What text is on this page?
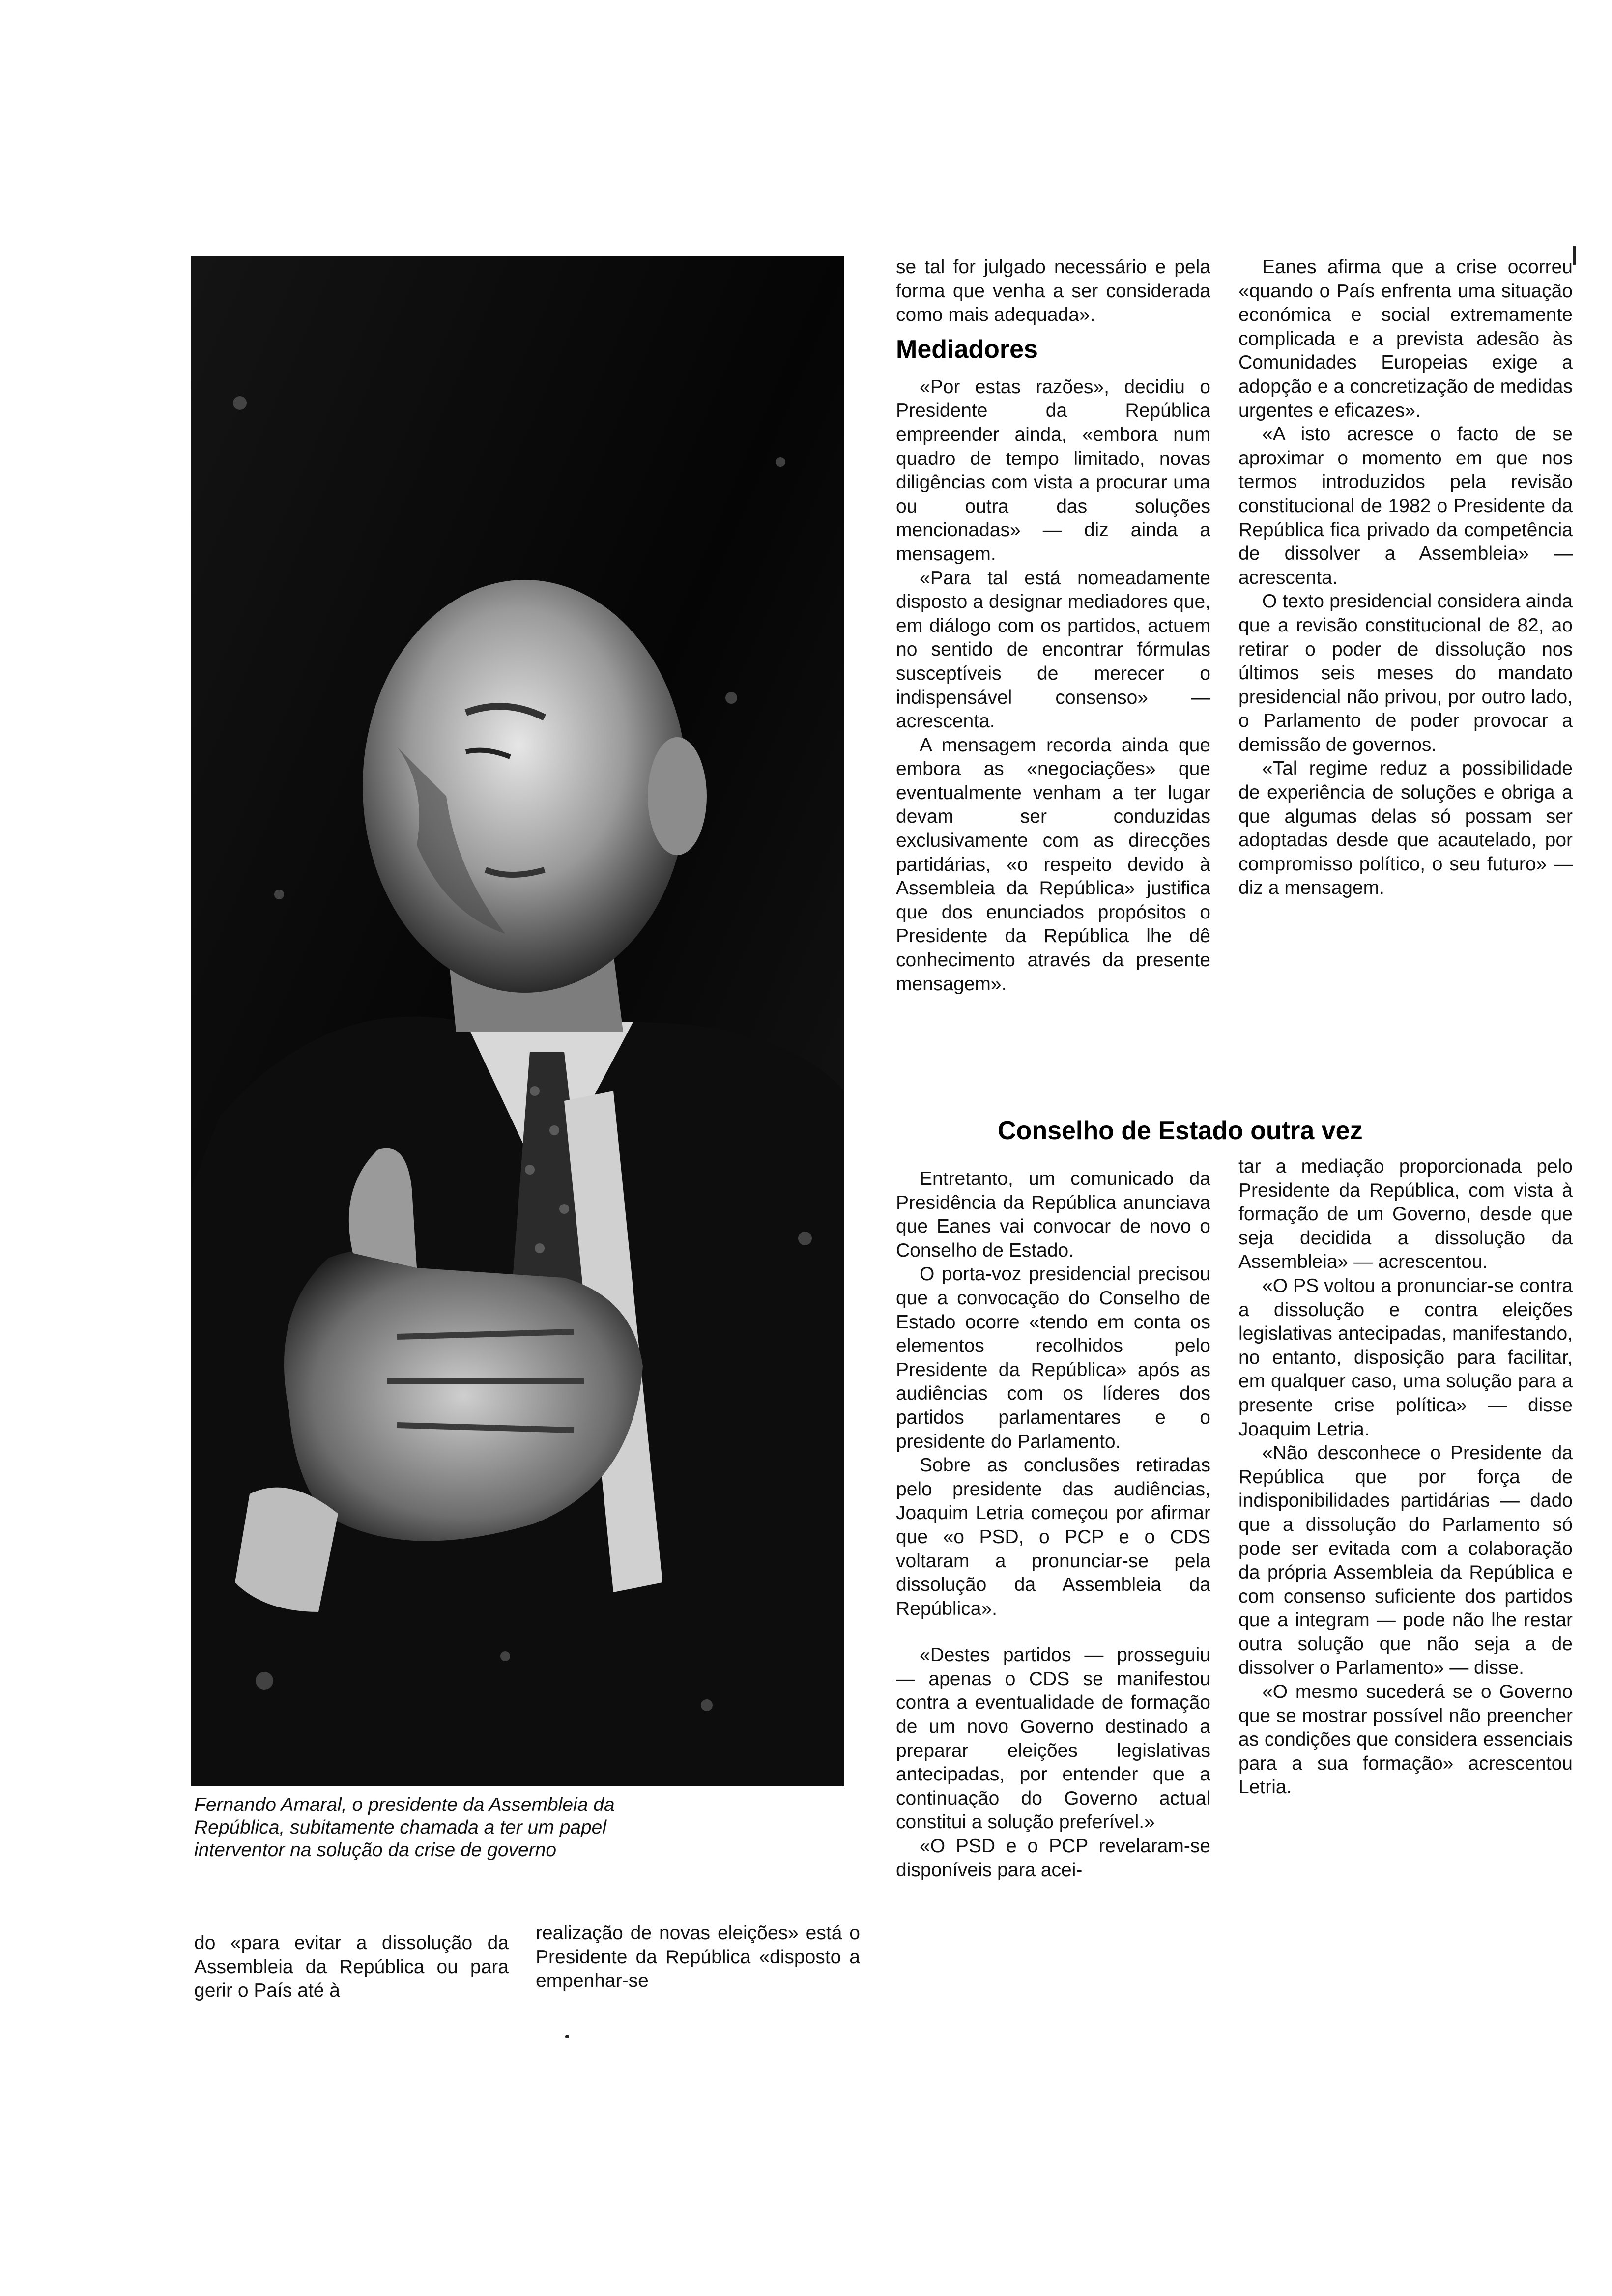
Fernando Amaral, o presidente da Assembleia da
República, subitamente chamada a ter um papel
interventor na solução da crise de governo

se tal for julgado necessário e pela forma que venha a ser considerada como mais adequada».

Mediadores

«Por estas razões», decidiu o Presidente da República empreender ainda, «embora num quadro de tempo limitado, novas diligências com vista a procurar uma ou outra das soluções mencionadas» — diz ainda a mensagem.

«Para tal está nomeadamente disposto a designar mediadores que, em diálogo com os partidos, actuem no sentido de encontrar fórmulas susceptíveis de merecer o indispensável consenso» — acrescenta.

A mensagem recorda ainda que embora as «negociações» que eventualmente venham a ter lugar devam ser conduzidas exclusivamente com as direcções partidárias, «o respeito devido à Assembleia da República» justifica que dos enunciados propósitos o Presidente da República lhe dê conhecimento através da presente mensagem».

Eanes afirma que a crise ocorreu «quando o País enfrenta uma situação económica e social extremamente complicada e a prevista adesão às Comunidades Europeias exige a adopção e a concretização de medidas urgentes e eficazes».

«A isto acresce o facto de se aproximar o momento em que nos termos introduzidos pela revisão constitucional de 1982 o Presidente da República fica privado da competência de dissolver a Assembleia» — acrescenta.

O texto presidencial considera ainda que a revisão constitucional de 82, ao retirar o poder de dissolução nos últimos seis meses do mandato presidencial não privou, por outro lado, o Parlamento de poder provocar a demissão de governos.

«Tal regime reduz a possibilidade de experiência de soluções e obriga a que algumas delas só possam ser adoptadas desde que acautelado, por compromisso político, o seu futuro» — diz a mensagem.

Conselho de Estado outra vez

Entretanto, um comunicado da Presidência da República anunciava que Eanes vai convocar de novo o Conselho de Estado.

O porta-voz presidencial precisou que a convocação do Conselho de Estado ocorre «tendo em conta os elementos recolhidos pelo Presidente da República» após as audiências com os líderes dos partidos parlamentares e o presidente do Parlamento.

Sobre as conclusões retiradas pelo presidente das audiências, Joaquim Letria começou por afirmar que «o PSD, o PCP e o CDS voltaram a pronunciar-se pela dissolução da Assembleia da República».

«Destes partidos — prosseguiu — apenas o CDS se manifestou contra a eventualidade de formação de um novo Governo destinado a preparar eleições legislativas antecipadas, por entender que a continuação do Governo actual constitui a solução preferível.»

«O PSD e o PCP revelaram-se disponíveis para acei-

tar a mediação proporcionada pelo Presidente da República, com vista à formação de um Governo, desde que seja decidida a dissolução da Assembleia» — acrescentou.

«O PS voltou a pronunciar-se contra a dissolução e contra eleições legislativas antecipadas, manifestando, no entanto, disposição para facilitar, em qualquer caso, uma solução para a presente crise política» — disse Joaquim Letria.

«Não desconhece o Presidente da República que por força de indisponibilidades partidárias — dado que a dissolução do Parlamento só pode ser evitada com a colaboração da própria Assembleia da República e com consenso suficiente dos partidos que a integram — pode não lhe restar outra solução que não seja a de dissolver o Parlamento» — disse.

«O mesmo sucederá se o Governo que se mostrar possível não preencher as condições que considera essenciais para a sua formação» acrescentou Letria.

do «para evitar a dissolução da Assembleia da República ou para gerir o País até à

realização de novas eleições» está o Presidente da República «disposto a empenhar-se
